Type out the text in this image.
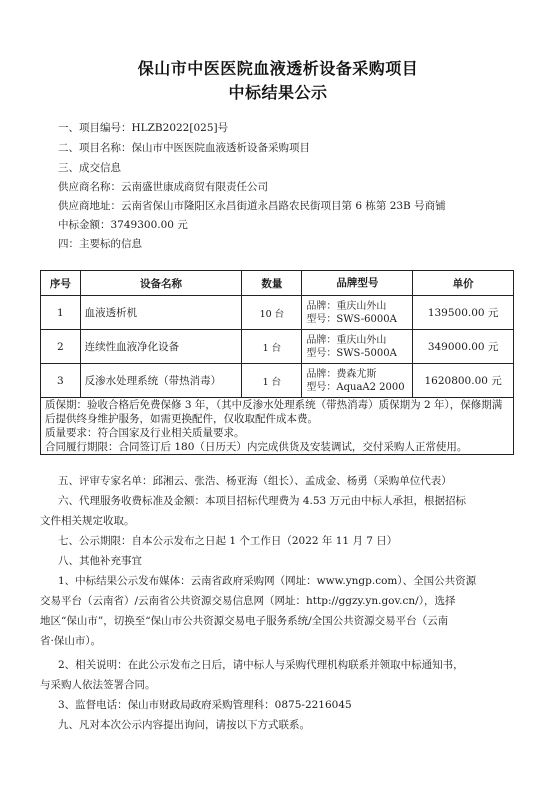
保山市中医医院血液透析设备采购项目
中标结果公示
一、项目编号：HLZB2022[025]号
二、项目名称：保山市中医医院血液透析设备采购项目
三、成交信息
供应商名称：云南盛世康成商贸有限责任公司
供应商地址：云南省保山市隆阳区永昌街道永昌路农民街项目第 6 栋第 23B 号商铺
中标金额：3749300.00 元
四：主要标的信息
序号	设备名称	数量	品牌型号	单价
1	血液透析机	10 台	品牌：重庆山外山
型号：SWS-6000A	139500.00 元
2	连续性血液净化设备	1 台	品牌：重庆山外山
型号：SWS-5000A	349000.00 元
3	反渗水处理系统（带热消毒）	1 台	品牌：费森尤斯
型号：AquaA2 2000	1620800.00 元

质保期：验收合格后免费保修 3 年，（其中反渗水处理系统（带热消毒）质保期为 2 年），保修期满后提供终身维护服务，如需更换配件，仅收取配件成本费。
质量要求：符合国家及行业相关质量要求。
合同履行期限：合同签订后 180（日历天）内完成供货及安装调试，交付采购人正常使用。				
五、评审专家名单：邱湘云、张浩、杨亚海（组长）、孟成金、杨勇（采购单位代表）
六、代理服务收费标准及金额：本项目招标代理费为 4.53 万元由中标人承担，根据招标
文件相关规定收取。
七、公示期限：自本公示发布之日起 1 个工作日（2022 年 11 月 7 日）
八、其他补充事宜
1、中标结果公示发布媒体：云南省政府采购网（网址：www.yngp.com）、全国公共资源
交易平台（云南省）/云南省公共资源交易信息网（网址：http://ggzy.yn.gov.cn/），选择
地区“保山市”，切换至“保山市公共资源交易电子服务系统/全国公共资源交易平台（云南
省·保山市）。
2、相关说明：在此公示发布之日后，请中标人与采购代理机构联系并领取中标通知书，
与采购人依法签署合同。
3、监督电话：保山市财政局政府采购管理科：0875-2216045
九、凡对本次公示内容提出询问，请按以下方式联系。
